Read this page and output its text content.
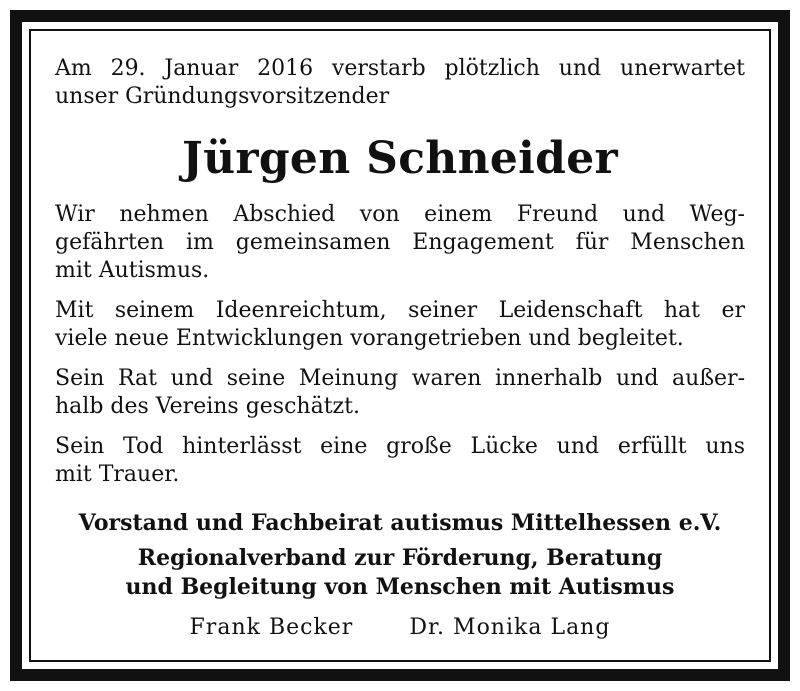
Am 29. Januar 2016 verstarb plötzlich und unerwartet
unser Gründungsvorsitzender

Jürgen Schneider

Wir nehmen Abschied von einem Freund und Weg-
gefährten im gemeinsamen Engagement für Menschen
mit Autismus.

Mit seinem Ideenreichtum, seiner Leidenschaft hat er
viele neue Entwicklungen vorangetrieben und begleitet.

Sein Rat und seine Meinung waren innerhalb und außer-
halb des Vereins geschätzt.

Sein Tod hinterlässt eine große Lücke und erfüllt uns
mit Trauer.

Vorstand und Fachbeirat autismus Mittelhessen e.V.
Regionalverband zur Förderung, Beratung
und Begleitung von Menschen mit Autismus
Frank Becker	Dr. Monika Lang
